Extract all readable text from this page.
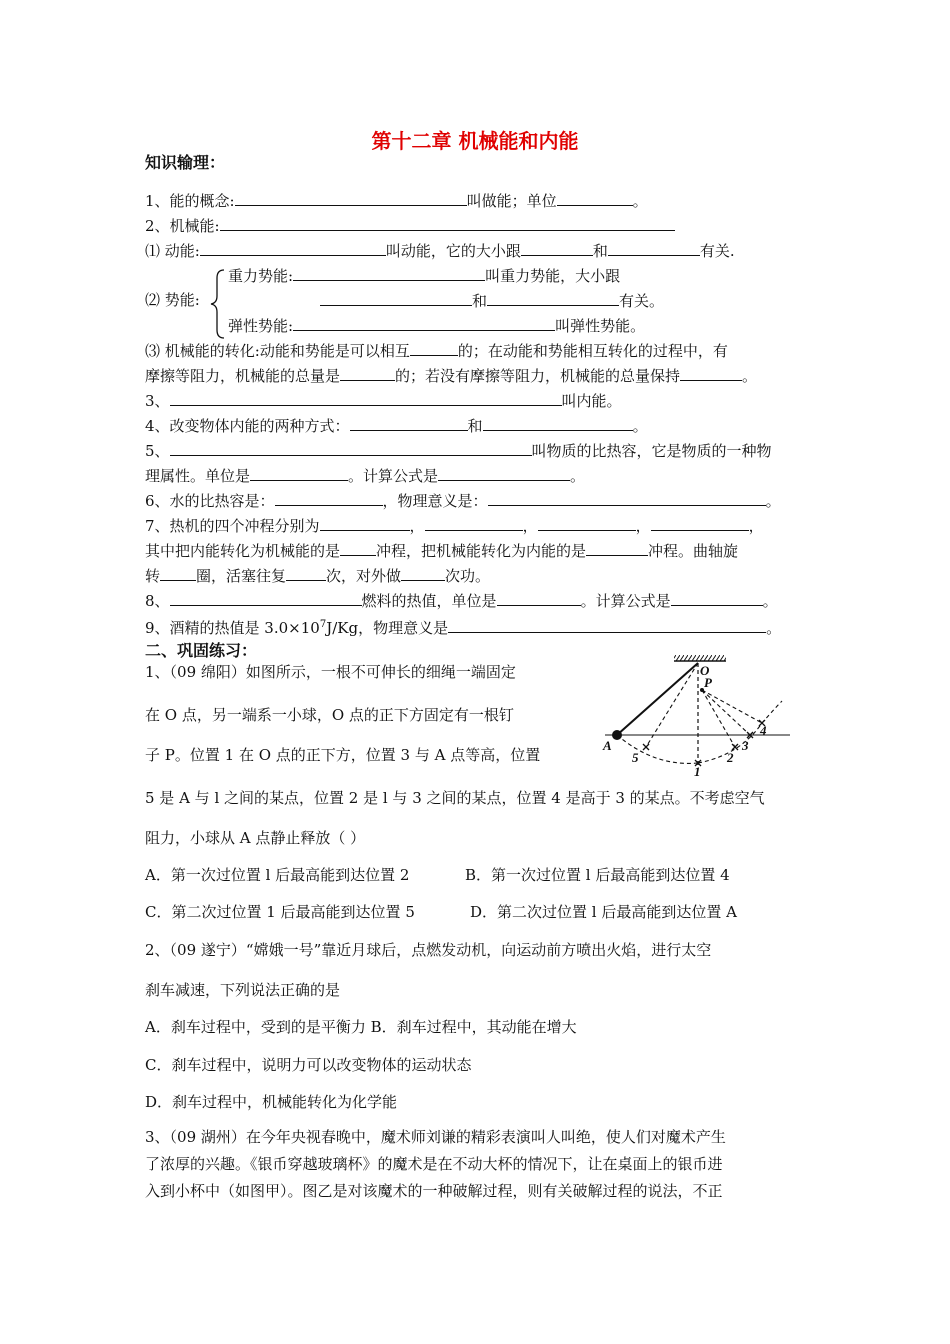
第十二章 机械能和内能
知识输理：
1、能的概念:	叫做能；单位	。
2、机械能:
⑴ 动能:	叫动能，它的大小跟	和	有关.
⑵ 势能:
重力势能:	叫重力势能，大小跟
和	有关。
弹性势能:	叫弹性势能。
⑶ 机械能的转化:动能和势能是可以相互	的；在动能和势能相互转化的过程中，有
摩擦等阻力，机械能的总量是	的；若没有摩擦等阻力，机械能的总量保持	。
3、	叫内能。
4、改变物体内能的两种方式：	和	。
5、	叫物质的比热容，它是物质的一种物
理属性。单位是	。计算公式是	。
6、水的比热容是：	，物理意义是：	。
7、热机的四个冲程分别为	，	，	，	，
其中把内能转化为机械能的是 冲程，把机械能转化为内能的是	冲程。曲轴旋
转 圈，活塞往复	次，对外做	次功。
8、	燃料的热值，单位是	。计算公式是	。
9、酒精的热值是 $3.0\times 10^7J/Kg$，物理意义是	。
二、巩固练习：
1、（09 绵阳）如图所示，一根不可伸长的细绳一端固定
在 O 点，另一端系一小球，O 点的正下方固定有一根钉
子 P。位置 1 在 O 点的正下方，位置 3 与 A 点等高，位置
5 是 A 与 l 之间的某点，位置 2 是 l 与 3 之间的某点，位置 4 是高于 3 的某点。不考虑空气
阻力，小球从 A 点静止释放（ ）
A．第一次过位置 l 后最高能到达位置 2	B．第一次过位置 l 后最高能到达位置 4
C．第二次过位置 1 后最高能到达位置 5	D．第二次过位置 l 后最高能到达位置 A
O
P
A
5
1
2
3
4
2、（09 遂宁）“嫦娥一号”靠近月球后，点燃发动机，向运动前方喷出火焰，进行太空
刹车减速，下列说法正确的是
A．刹车过程中，受到的是平衡力 B．刹车过程中，其动能在增大
C．刹车过程中，说明力可以改变物体的运动状态
D．刹车过程中，机械能转化为化学能
3、（09 湖州）在今年央视春晚中，魔术师刘谦的精彩表演叫人叫绝，使人们对魔术产生
了浓厚的兴趣。《银币穿越玻璃杯》的魔术是在不动大杯的情况下，让在桌面上的银币进
入到小杯中（如图甲）。图乙是对该魔术的一种破解过程，则有关破解过程的说法，不正
